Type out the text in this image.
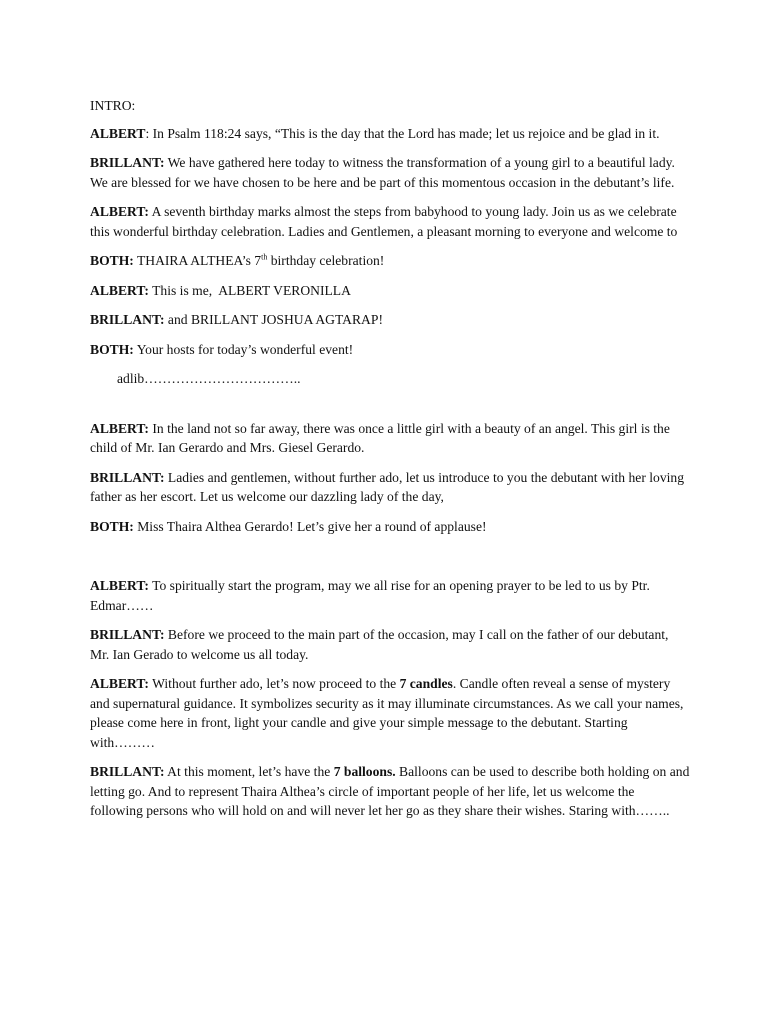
INTRO:

ALBERT: In Psalm 118:24 says, “This is the day that the Lord has made; let us rejoice and be glad in it.

BRILLANT: We have gathered here today to witness the transformation of a young girl to a beautiful lady. We are blessed for we have chosen to be here and be part of this momentous occasion in the debutant’s life.

ALBERT: A seventh birthday marks almost the steps from babyhood to young lady. Join us as we celebrate this wonderful birthday celebration. Ladies and Gentlemen, a pleasant morning to everyone and welcome to

BOTH: THAIRA ALTHEA’s 7th birthday celebration!

ALBERT: This is me,  ALBERT VERONILLA

BRILLANT: and BRILLANT JOSHUA AGTARAP!

BOTH: Your hosts for today’s wonderful event!

adlib……………………………..

ALBERT: In the land not so far away, there was once a little girl with a beauty of an angel. This girl is the child of Mr. Ian Gerardo and Mrs. Giesel Gerardo.

BRILLANT: Ladies and gentlemen, without further ado, let us introduce to you the debutant with her loving father as her escort. Let us welcome our dazzling lady of the day,

BOTH: Miss Thaira Althea Gerardo! Let’s give her a round of applause!

ALBERT: To spiritually start the program, may we all rise for an opening prayer to be led to us by Ptr. Edmar……

BRILLANT: Before we proceed to the main part of the occasion, may I call on the father of our debutant, Mr. Ian Gerado to welcome us all today.

ALBERT: Without further ado, let’s now proceed to the 7 candles. Candle often reveal a sense of mystery and supernatural guidance. It symbolizes security as it may illuminate circumstances. As we call your names, please come here in front, light your candle and give your simple message to the debutant. Starting with………

BRILLANT: At this moment, let’s have the 7 balloons. Balloons can be used to describe both holding on and letting go. And to represent Thaira Althea’s circle of important people of her life, let us welcome the following persons who will hold on and will never let her go as they share their wishes. Staring with……..
